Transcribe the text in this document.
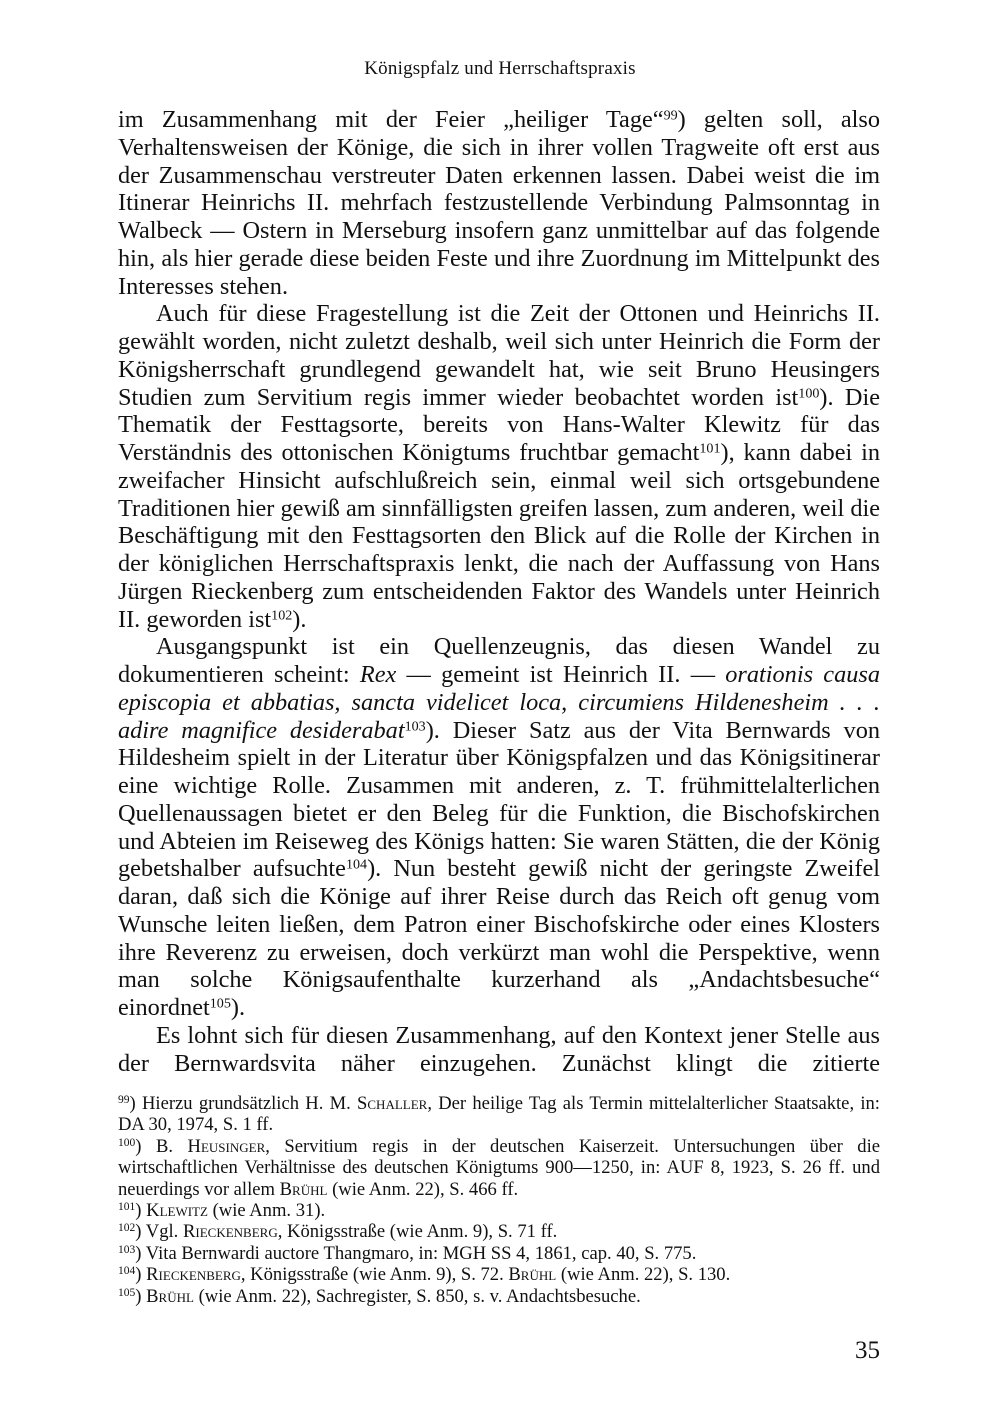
Königspfalz und Herrschaftspraxis

im Zusammenhang mit der Feier „heiliger Tage“$^{99}$) gelten soll, also Verhaltensweisen der Könige, die sich in ihrer vollen Tragweite oft erst aus der Zusammenschau verstreuter Daten erkennen lassen. Dabei weist die im Itinerar Heinrichs II. mehrfach festzustellende Verbindung Palmsonntag in Walbeck — Ostern in Merseburg insofern ganz unmittelbar auf das folgende hin, als hier gerade diese beiden Feste und ihre Zuordnung im Mittelpunkt des Interesses stehen.

Auch für diese Fragestellung ist die Zeit der Ottonen und Heinrichs II. gewählt worden, nicht zuletzt deshalb, weil sich unter Heinrich die Form der Königsherrschaft grundlegend gewandelt hat, wie seit Bruno Heusingers Studien zum Servitium regis immer wieder beobachtet worden ist$^{100}$). Die Thematik der Festtagsorte, bereits von Hans-Walter Klewitz für das Verständnis des ottonischen Königtums fruchtbar gemacht$^{101}$), kann dabei in zweifacher Hinsicht aufschlußreich sein, einmal weil sich ortsgebundene Traditionen hier gewiß am sinnfälligsten greifen lassen, zum anderen, weil die Beschäftigung mit den Festtagsorten den Blick auf die Rolle der Kirchen in der königlichen Herrschaftspraxis lenkt, die nach der Auffassung von Hans Jürgen Rieckenberg zum entscheidenden Faktor des Wandels unter Heinrich II. geworden ist$^{102}$).

Ausgangspunkt ist ein Quellenzeugnis, das diesen Wandel zu dokumentieren scheint: Rex — gemeint ist Heinrich II. — orationis causa episcopia et abbatias, sancta videlicet loca, circumiens Hildenesheim . . . adire magnifice desiderabat$^{103}$). Dieser Satz aus der Vita Bernwards von Hildesheim spielt in der Literatur über Königspfalzen und das Königsitinerar eine wichtige Rolle. Zusammen mit anderen, z. T. frühmittelalterlichen Quellenaussagen bietet er den Beleg für die Funktion, die Bischofskirchen und Abteien im Reiseweg des Königs hatten: Sie waren Stätten, die der König gebetshalber aufsuchte$^{104}$). Nun besteht gewiß nicht der geringste Zweifel daran, daß sich die Könige auf ihrer Reise durch das Reich oft genug vom Wunsche leiten ließen, dem Patron einer Bischofskirche oder eines Klosters ihre Reverenz zu erweisen, doch verkürzt man wohl die Perspektive, wenn man solche Königsaufenthalte kurzerhand als „Andachtsbesuche“ einordnet$^{105}$).

Es lohnt sich für diesen Zusammenhang, auf den Kontext jener Stelle aus der Bernwardsvita näher einzugehen. Zunächst klingt die zitierte

$^{99}$) Hierzu grundsätzlich H. M. Schaller, Der heilige Tag als Termin mittelalterlicher Staatsakte, in: DA 30, 1974, S. 1 ff.

$^{100}$) B. Heusinger, Servitium regis in der deutschen Kaiserzeit. Untersuchungen über die wirtschaftlichen Verhältnisse des deutschen Königtums 900—1250, in: AUF 8, 1923, S. 26 ff. und neuerdings vor allem Brühl (wie Anm. 22), S. 466 ff.

$^{101}$) Klewitz (wie Anm. 31).

$^{102}$) Vgl. Rieckenberg, Königsstraße (wie Anm. 9), S. 71 ff.

$^{103}$) Vita Bernwardi auctore Thangmaro, in: MGH SS 4, 1861, cap. 40, S. 775.

$^{104}$) Rieckenberg, Königsstraße (wie Anm. 9), S. 72. Brühl (wie Anm. 22), S. 130.

$^{105}$) Brühl (wie Anm. 22), Sachregister, S. 850, s. v. Andachtsbesuche.

35
